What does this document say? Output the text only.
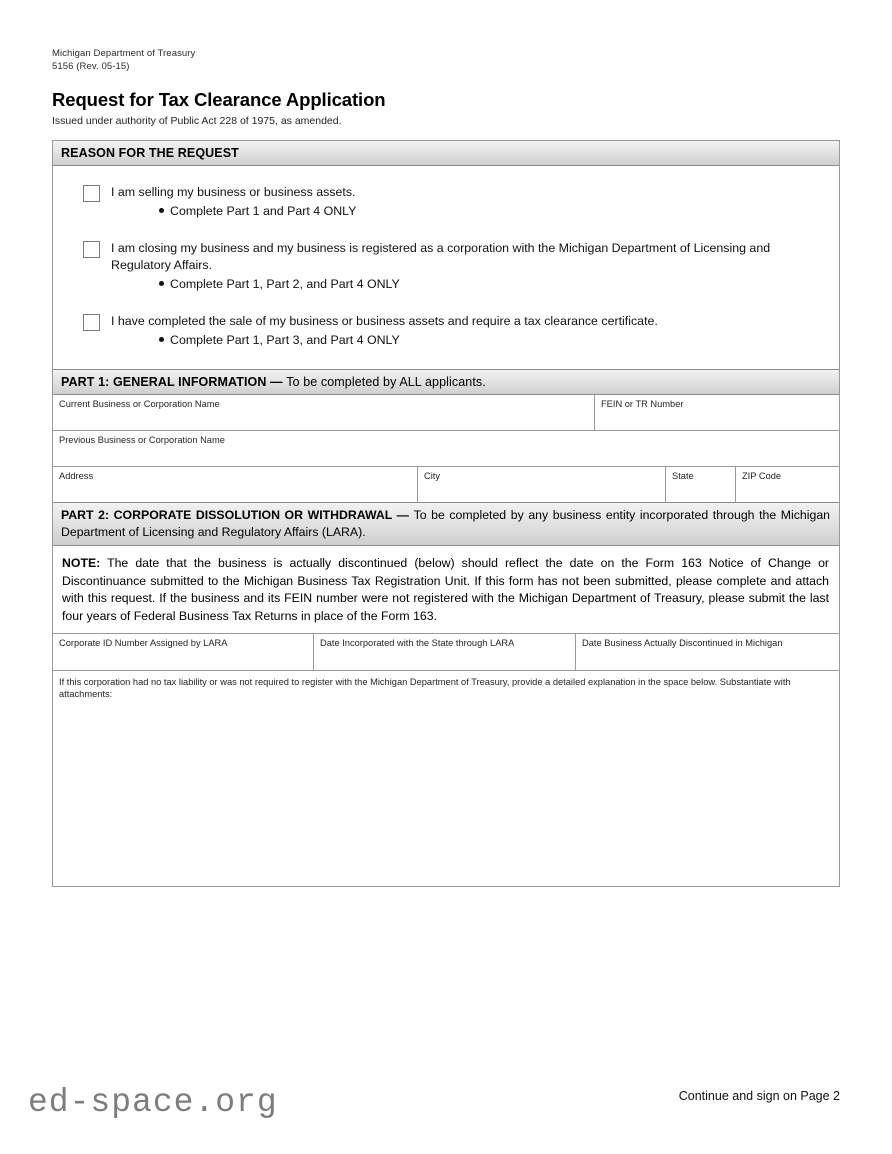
Michigan Department of Treasury
5156 (Rev. 05-15)
Request for Tax Clearance Application
Issued under authority of Public Act 228 of 1975, as amended.
REASON FOR THE REQUEST
I am selling my business or business assets.
Complete Part 1 and Part 4 ONLY
I am closing my business and my business is registered as a corporation with the Michigan Department of Licensing and Regulatory Affairs.
Complete Part 1, Part 2, and Part 4 ONLY
I have completed the sale of my business or business assets and require a tax clearance certificate.
Complete Part 1, Part 3, and Part 4 ONLY
PART 1: GENERAL INFORMATION — To be completed by ALL applicants.
Current Business or Corporation Name	FEIN or TR Number
Previous Business or Corporation Name
Address	City	State	ZIP Code
PART 2: CORPORATE DISSOLUTION OR WITHDRAWAL — To be completed by any business entity incorporated through the Michigan Department of Licensing and Regulatory Affairs (LARA).
NOTE: The date that the business is actually discontinued (below) should reflect the date on the Form 163 Notice of Change or Discontinuance submitted to the Michigan Business Tax Registration Unit. If this form has not been submitted, please complete and attach with this request. If the business and its FEIN number were not registered with the Michigan Department of Treasury, please submit the last four years of Federal Business Tax Returns in place of the Form 163.
Corporate ID Number Assigned by LARA	Date Incorporated with the State through LARA	Date Business Actually Discontinued in Michigan
If this corporation had no tax liability or was not required to register with the Michigan Department of Treasury, provide a detailed explanation in the space below. Substantiate with attachments:
ed-space.org	Continue and sign on Page 2
